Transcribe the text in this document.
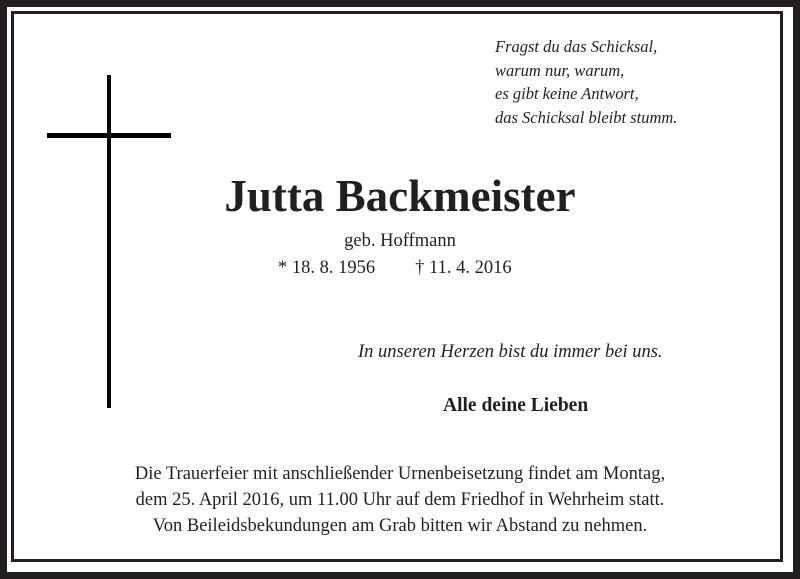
Fragst du das Schicksal,
warum nur, warum,
es gibt keine Antwort,
das Schicksal bleibt stumm.
Jutta Backmeister
geb. Hoffmann
* 18. 8. 1956 † 11. 4. 2016
In unseren Herzen bist du immer bei uns.
Alle deine Lieben
Die Trauerfeier mit anschließender Urnenbeisetzung findet am Montag,
dem 25. April 2016, um 11.00 Uhr auf dem Friedhof in Wehrheim statt.
Von Beileidsbekundungen am Grab bitten wir Abstand zu nehmen.
